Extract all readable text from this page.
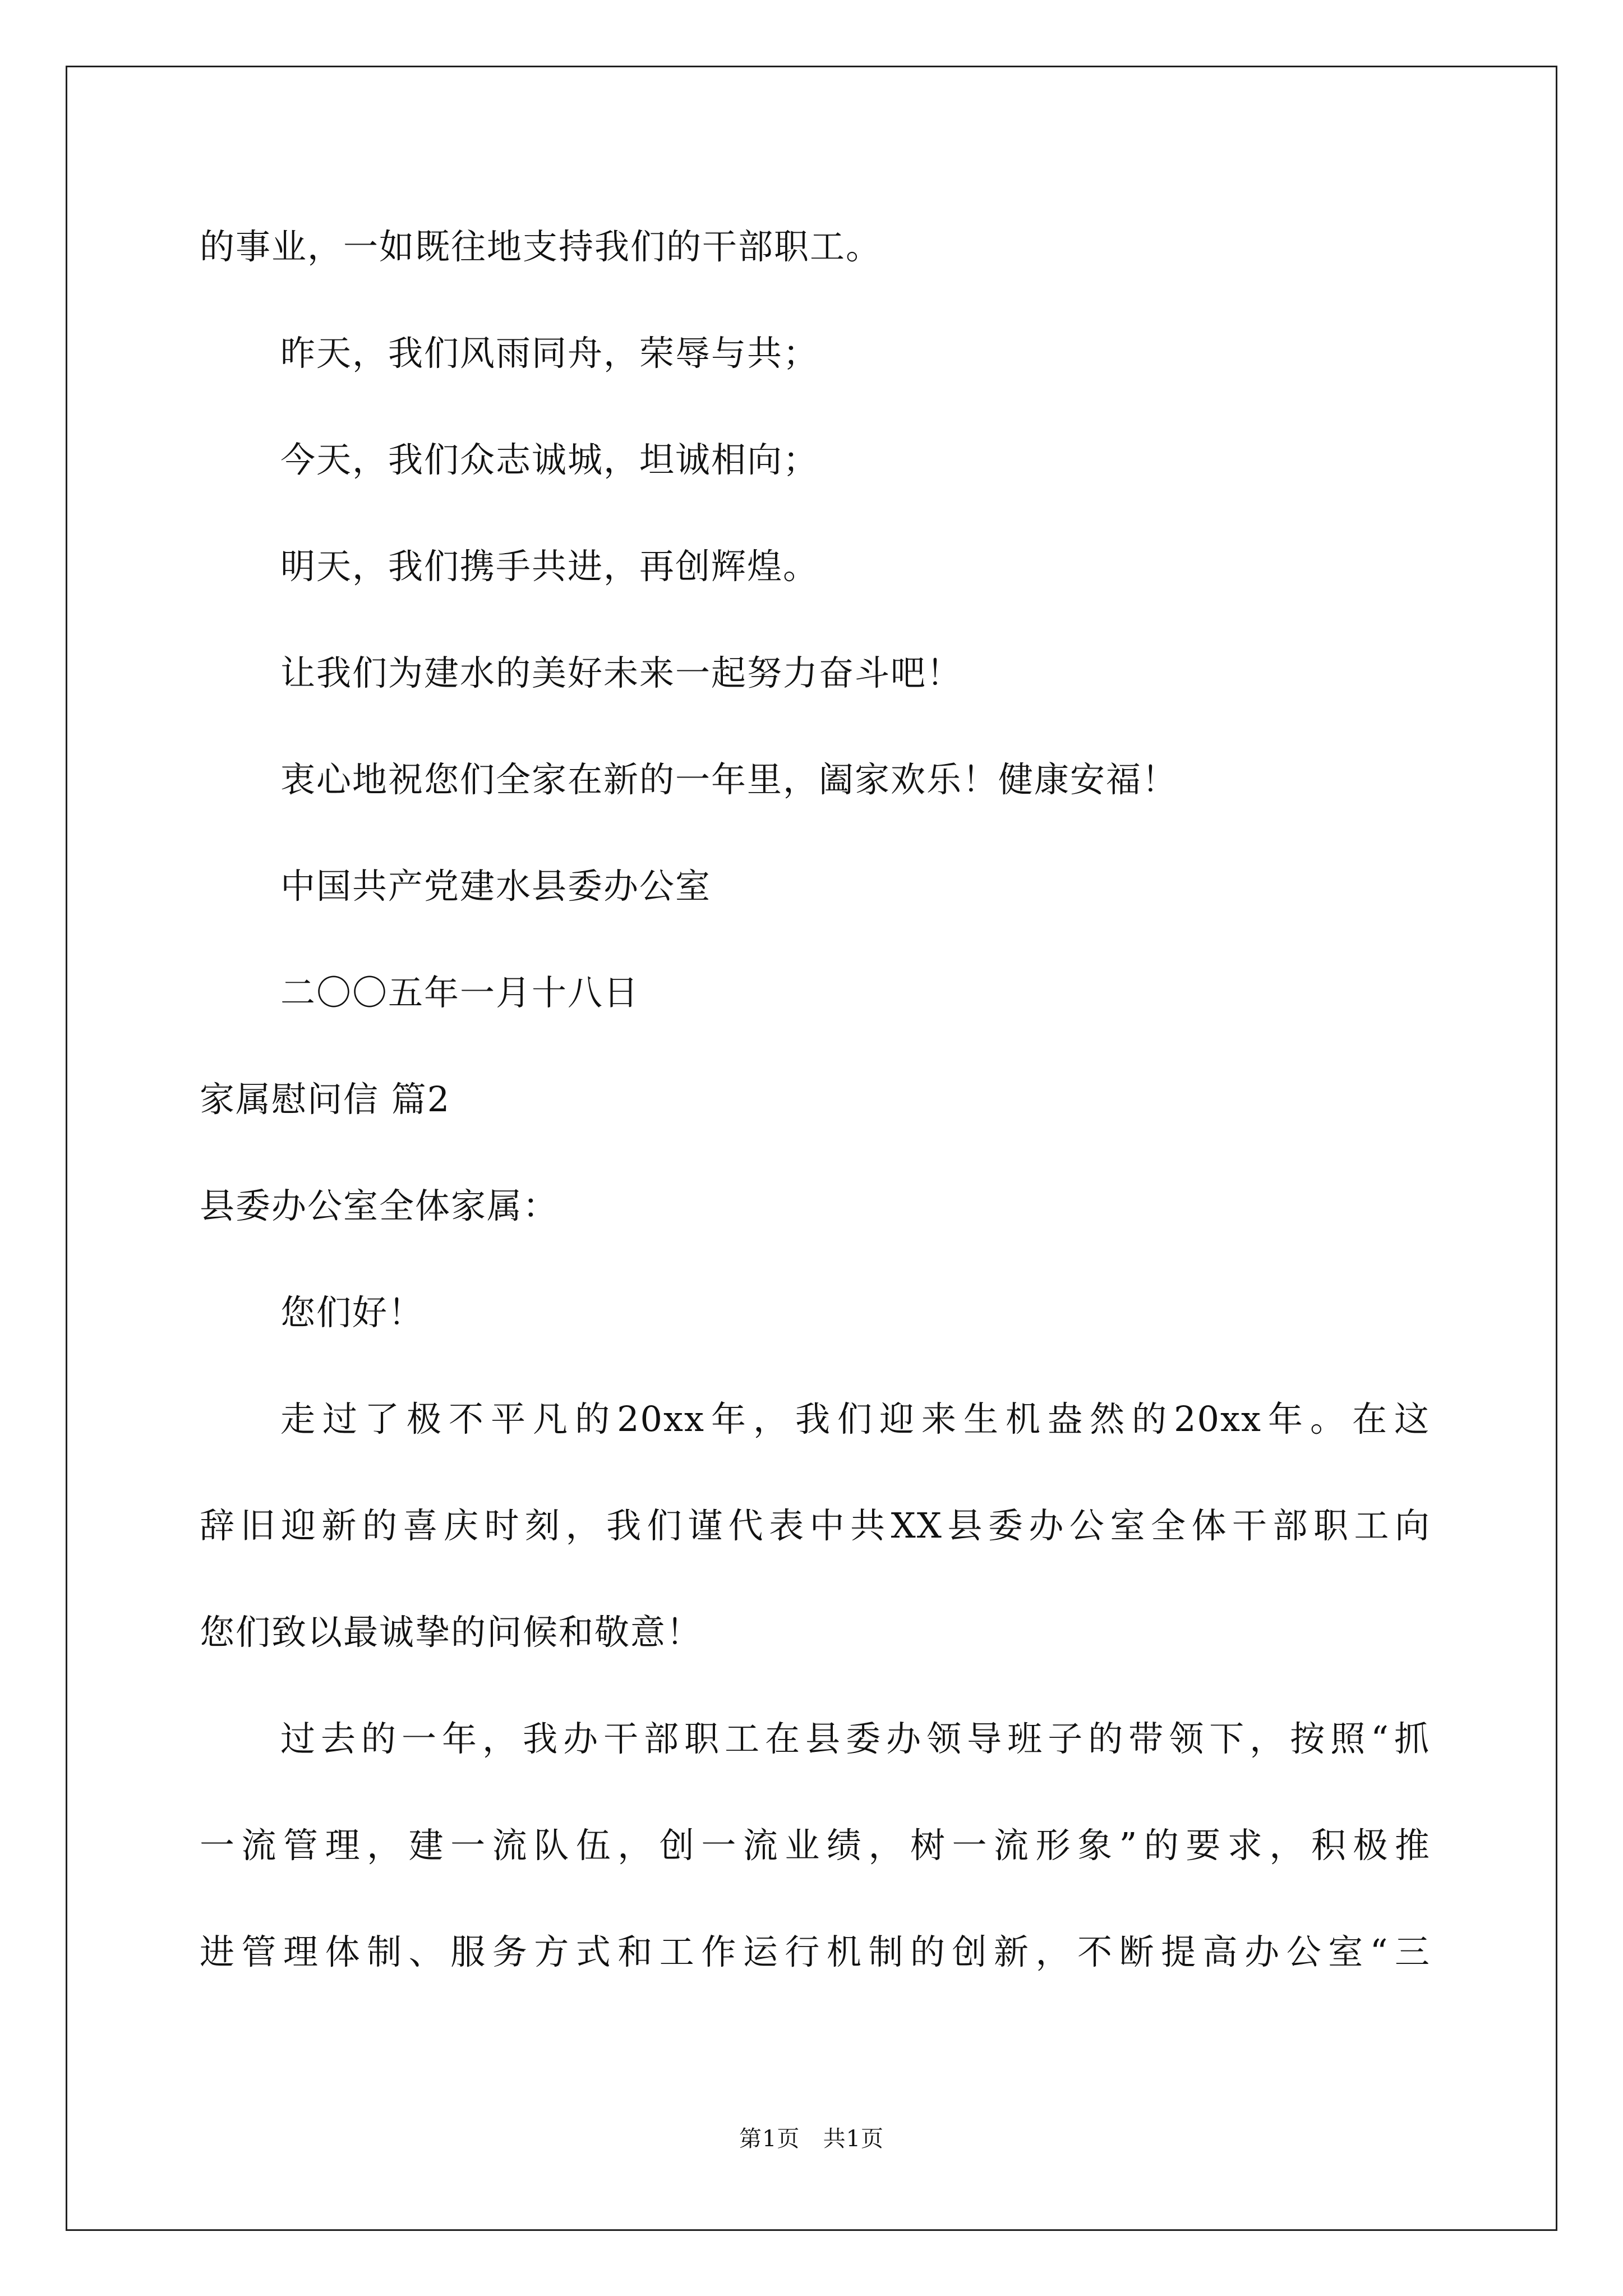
的事业，一如既往地支持我们的干部职工。
昨天，我们风雨同舟，荣辱与共；
今天，我们众志诚城，坦诚相向；
明天，我们携手共进，再创辉煌。
让我们为建水的美好未来一起努力奋斗吧！
衷心地祝您们全家在新的一年里，阖家欢乐！健康安福！
中国共产党建水县委办公室
二〇〇五年一月十八日
家属慰问信 篇2
县委办公室全体家属：
您们好！
走过了极不平凡的20xx年，我们迎来生机盎然的20xx年。在这
辞旧迎新的喜庆时刻，我们谨代表中共XX县委办公室全体干部职工向
您们致以最诚挚的问候和敬意！
过去的一年，我办干部职工在县委办领导班子的带领下，按照“抓
一流管理，建一流队伍，创一流业绩，树一流形象”的要求，积极推
进管理体制、服务方式和工作运行机制的创新，不断提高办公室“三
第1页 共1页
